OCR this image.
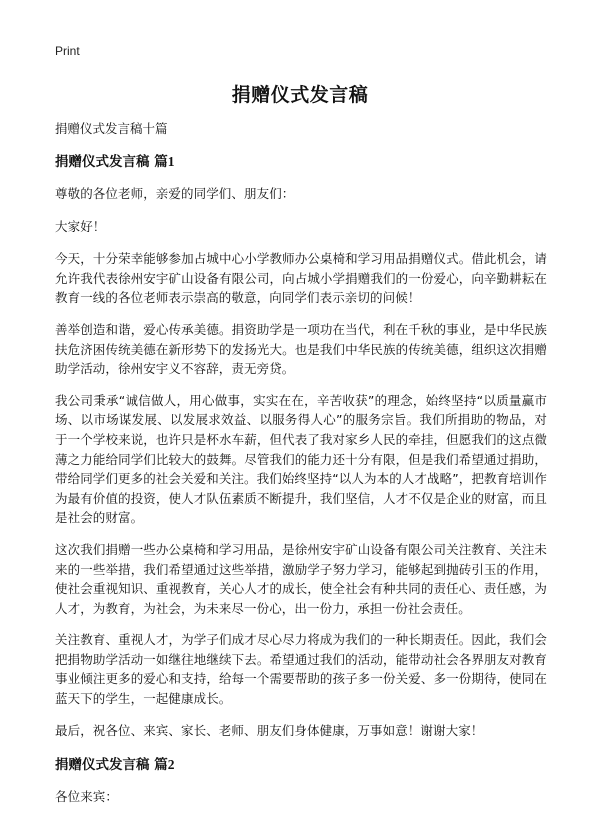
Print
捐赠仪式发言稿

捐赠仪式发言稿十篇

捐赠仪式发言稿 篇1

尊敬的各位老师，亲爱的同学们、朋友们：

大家好！

今天，十分荣幸能够参加占城中心小学教师办公桌椅和学习用品捐赠仪式。借此机会，请允许我代表徐州安宇矿山设备有限公司，向占城小学捐赠我们的一份爱心，向辛勤耕耘在教育一线的各位老师表示崇高的敬意，向同学们表示亲切的问候！

善举创造和谐，爱心传承美德。捐资助学是一项功在当代，利在千秋的事业，是中华民族扶危济困传统美德在新形势下的发扬光大。也是我们中华民族的传统美德，组织这次捐赠助学活动，徐州安宇义不容辞，责无旁贷。

我公司秉承“诚信做人，用心做事，实实在在，辛苦收获”的理念，始终坚持“以质量赢市场、以市场谋发展、以发展求效益、以服务得人心”的服务宗旨。我们所捐助的物品，对于一个学校来说，也许只是杯水车薪，但代表了我对家乡人民的牵挂，但愿我们的这点微薄之力能给同学们比较大的鼓舞。尽管我们的能力还十分有限，但是我们希望通过捐助，带给同学们更多的社会关爱和关注。我们始终坚持“以人为本的人才战略”，把教育培训作为最有价值的投资，使人才队伍素质不断提升，我们坚信，人才不仅是企业的财富，而且是社会的财富。

这次我们捐赠一些办公桌椅和学习用品，是徐州安宇矿山设备有限公司关注教育、关注未来的一些举措，我们希望通过这些举措，激励学子努力学习，能够起到抛砖引玉的作用，使社会重视知识、重视教育，关心人才的成长，使全社会有种共同的责任心、责任感，为人才，为教育，为社会，为未来尽一份心，出一份力，承担一份社会责任。

关注教育、重视人才，为学子们成才尽心尽力将成为我们的一种长期责任。因此，我们会把捐物助学活动一如继往地继续下去。希望通过我们的活动，能带动社会各界朋友对教育事业倾注更多的爱心和支持，给每一个需要帮助的孩子多一份关爱、多一份期待，使同在蓝天下的学生，一起健康成长。

最后，祝各位、来宾、家长、老师、朋友们身体健康，万事如意！谢谢大家！

捐赠仪式发言稿 篇2

各位来宾：
